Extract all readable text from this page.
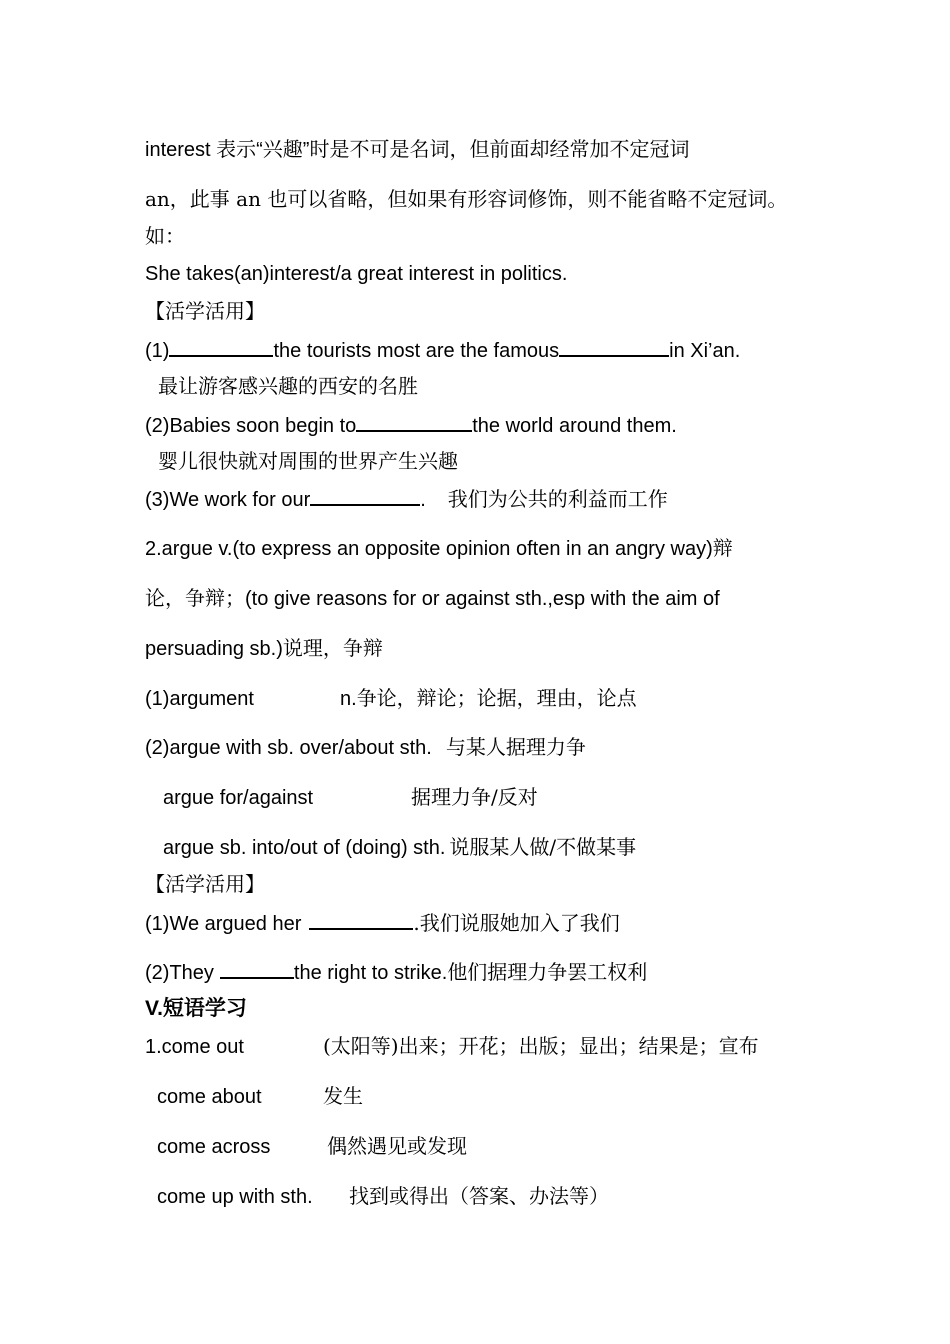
interest 表示“兴趣”时是不可是名词，但前面却经常加不定冠词
an，此事 an 也可以省略，但如果有形容词修饰，则不能省略不定冠词。
如：
She takes(an)interest/a great interest in politics.
【活学活用】
(1)	the tourists most are the famous	in Xi’an.
最让游客感兴趣的西安的名胜
(2)Babies soon begin to	the world around them.
婴儿很快就对周围的世界产生兴趣
(3)We work for our	. 我们为公共的利益而工作
2.argue v.(to express an opposite opinion often in an angry way)辩
论，争辩；(to give reasons for or against sth.,esp with the aim of
persuading sb.)说理，争辩
(1)argument	n.争论，辩论；论据，理由，论点
(2)argue with sb. over/about sth. 与某人据理力争
argue for/against	据理力争/反对
argue sb. into/out of (doing) sth. 说服某人做/不做某事
【活学活用】
(1)We argued her	.我们说服她加入了我们
(2)They	the right to strike.他们据理力争罢工权利
V.短语学习
1.come out	(太阳等)出来；开花；出版；显出；结果是；宣布
come about	发生
come across	偶然遇见或发现
come up with sth. 找到或得出（答案、办法等）
